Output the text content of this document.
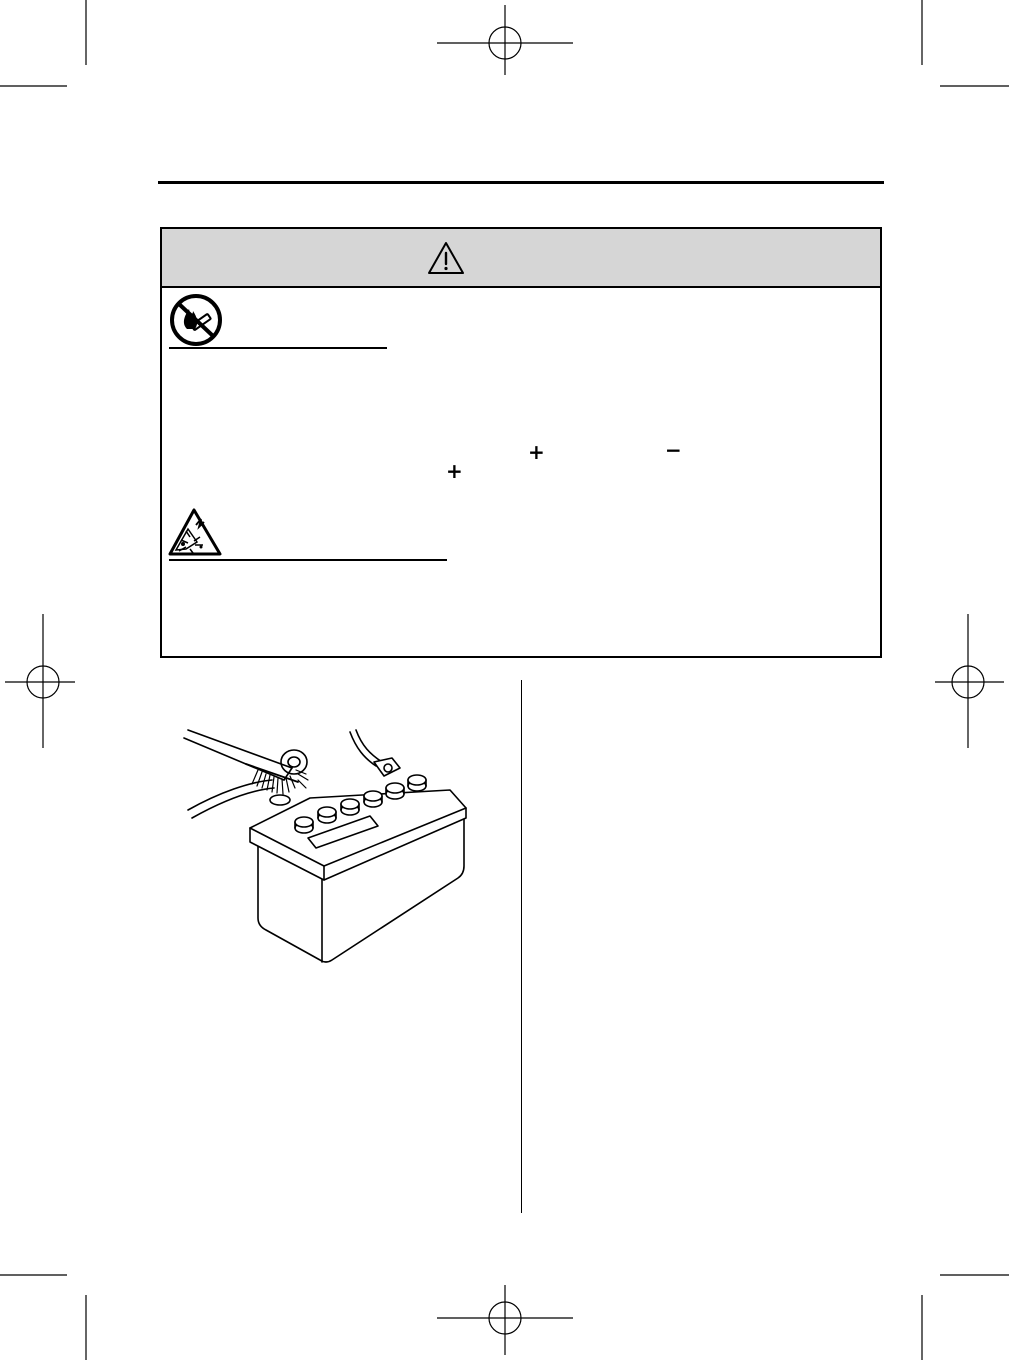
+	−
+
